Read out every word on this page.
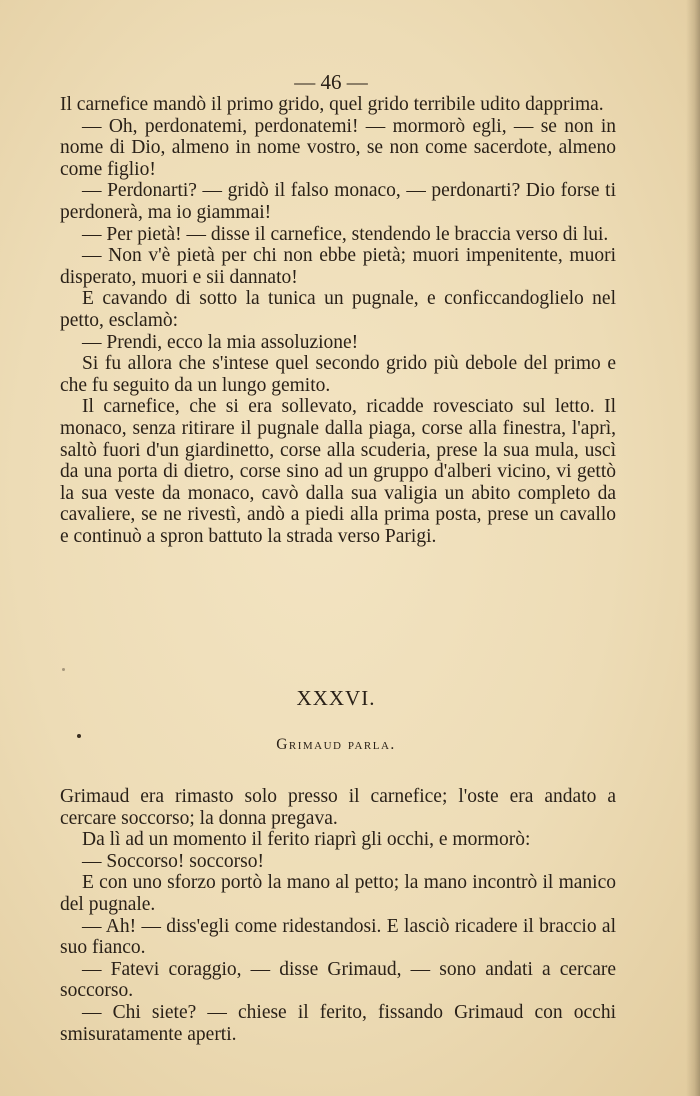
— 46 —

Il carnefice mandò il primo grido, quel grido terribile udito dapprima.

— Oh, perdonatemi, perdonatemi! — mormorò egli, — se non in nome di Dio, almeno in nome vostro, se non come sacerdote, almeno come figlio!

— Perdonarti? — gridò il falso monaco, — perdonarti? Dio forse ti perdonerà, ma io giammai!

— Per pietà! — disse il carnefice, stendendo le braccia verso di lui.

— Non v'è pietà per chi non ebbe pietà; muori impenitente, muori disperato, muori e sii dannato!

E cavando di sotto la tunica un pugnale, e conficcandoglielo nel petto, esclamò:

— Prendi, ecco la mia assoluzione!

Si fu allora che s'intese quel secondo grido più debole del primo e che fu seguito da un lungo gemito.

Il carnefice, che si era sollevato, ricadde rovesciato sul letto. Il monaco, senza ritirare il pugnale dalla piaga, corse alla finestra, l'aprì, saltò fuori d'un giardinetto, corse alla scuderia, prese la sua mula, uscì da una porta di dietro, corse sino ad un gruppo d'alberi vicino, vi gettò la sua veste da monaco, cavò dalla sua valigia un abito completo da cavaliere, se ne rivestì, andò a piedi alla prima posta, prese un cavallo e continuò a spron battuto la strada verso Parigi.

XXXVI.
Grimaud parla.

Grimaud era rimasto solo presso il carnefice; l'oste era andato a cercare soccorso; la donna pregava.

Da lì ad un momento il ferito riaprì gli occhi, e mormorò:

— Soccorso! soccorso!

E con uno sforzo portò la mano al petto; la mano incontrò il manico del pugnale.

— Ah! — diss'egli come ridestandosi. E lasciò ricadere il braccio al suo fianco.

— Fatevi coraggio, — disse Grimaud, — sono andati a cercare soccorso.

— Chi siete? — chiese il ferito, fissando Grimaud con occhi smisuratamente aperti.
